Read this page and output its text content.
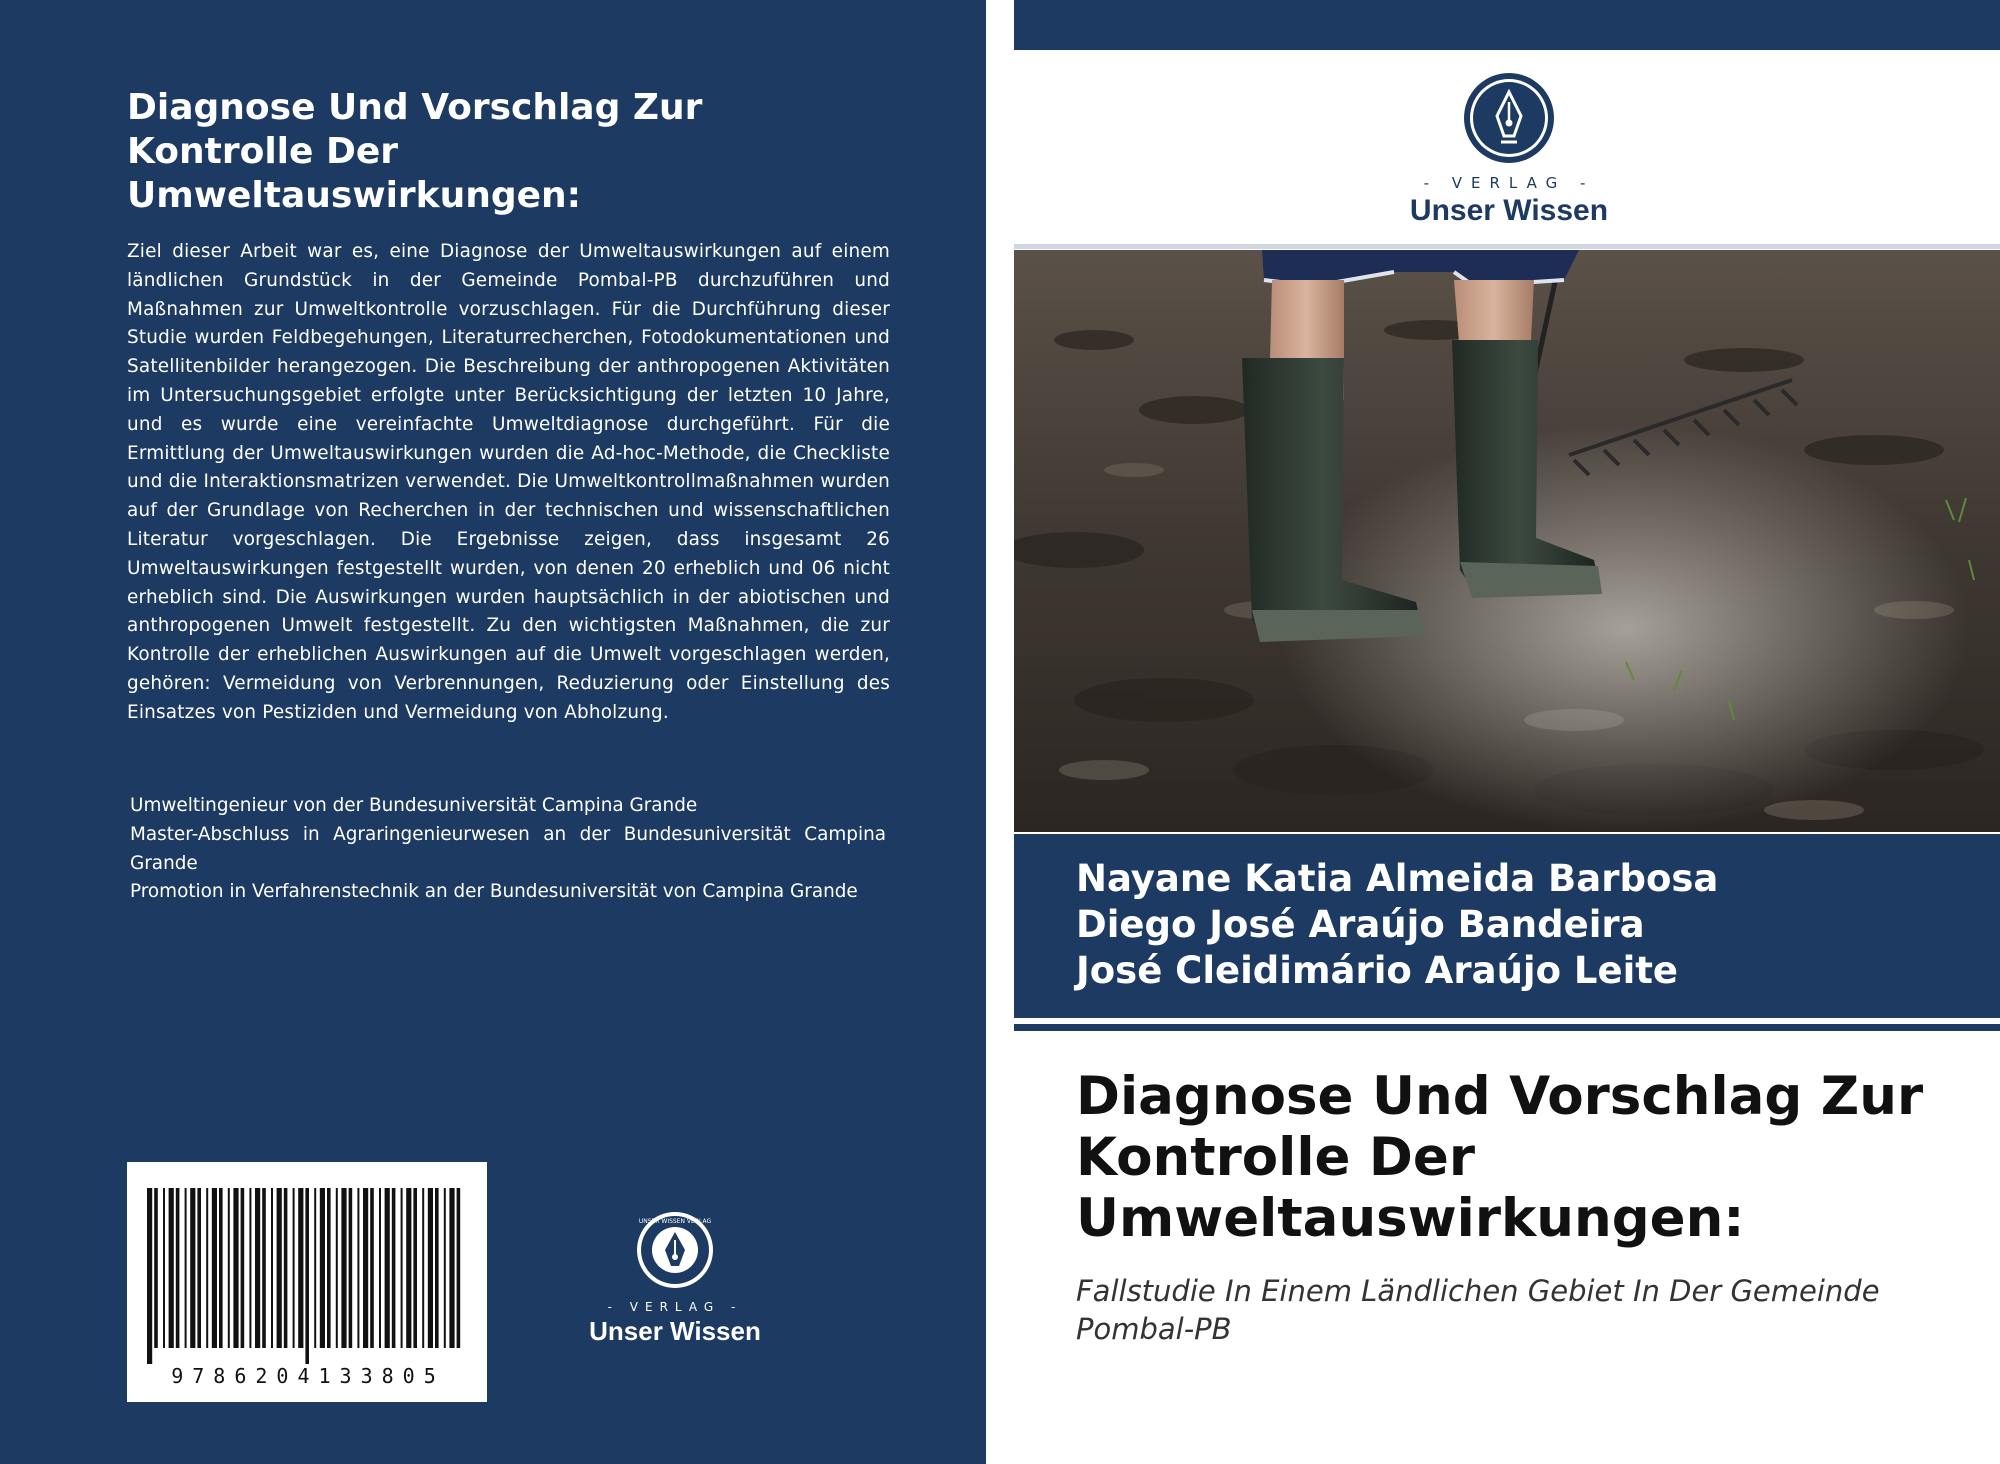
Diagnose Und Vorschlag Zur Kontrolle Der Umweltauswirkungen:

Ziel dieser Arbeit war es, eine Diagnose der Umweltauswirkungen auf einem ländlichen Grundstück in der Gemeinde Pombal-PB durchzuführen und Maßnahmen zur Umweltkontrolle vorzuschlagen. Für die Durchführung dieser Studie wurden Feldbegehungen, Literaturrecherchen, Fotodokumentationen und Satellitenbilder herangezogen. Die Beschreibung der anthropogenen Aktivitäten im Untersuchungsgebiet erfolgte unter Berücksichtigung der letzten 10 Jahre, und es wurde eine vereinfachte Umweltdiagnose durchgeführt. Für die Ermittlung der Umweltauswirkungen wurden die Ad-hoc-Methode, die Checkliste und die Interaktionsmatrizen verwendet. Die Umweltkontrollmaßnahmen wurden auf der Grundlage von Recherchen in der technischen und wissenschaftlichen Literatur vorgeschlagen. Die Ergebnisse zeigen, dass insgesamt 26 Umweltauswirkungen festgestellt wurden, von denen 20 erheblich und 06 nicht erheblich sind. Die Auswirkungen wurden hauptsächlich in der abiotischen und anthropogenen Umwelt festgestellt. Zu den wichtigsten Maßnahmen, die zur Kontrolle der erheblichen Auswirkungen auf die Umwelt vorgeschlagen werden, gehören: Vermeidung von Verbrennungen, Reduzierung oder Einstellung des Einsatzes von Pestiziden und Vermeidung von Abholzung.

Umweltingenieur von der Bundesuniversität Campina Grande
Master-Abschluss in Agraringenieurwesen an der Bundesuniversität Campina Grande
Promotion in Verfahrenstechnik an der Bundesuniversität von Campina Grande
9786204133805
UNSER WISSEN VERLAG
- VERLAG -
Unser Wissen
- VERLAG -
Unser Wissen
Nayane Katia Almeida Barbosa
Diego José Araújo Bandeira
José Cleidimário Araújo Leite
Diagnose Und Vorschlag Zur Kontrolle Der Umweltauswirkungen:

Fallstudie In Einem Ländlichen Gebiet In Der Gemeinde Pombal-PB
